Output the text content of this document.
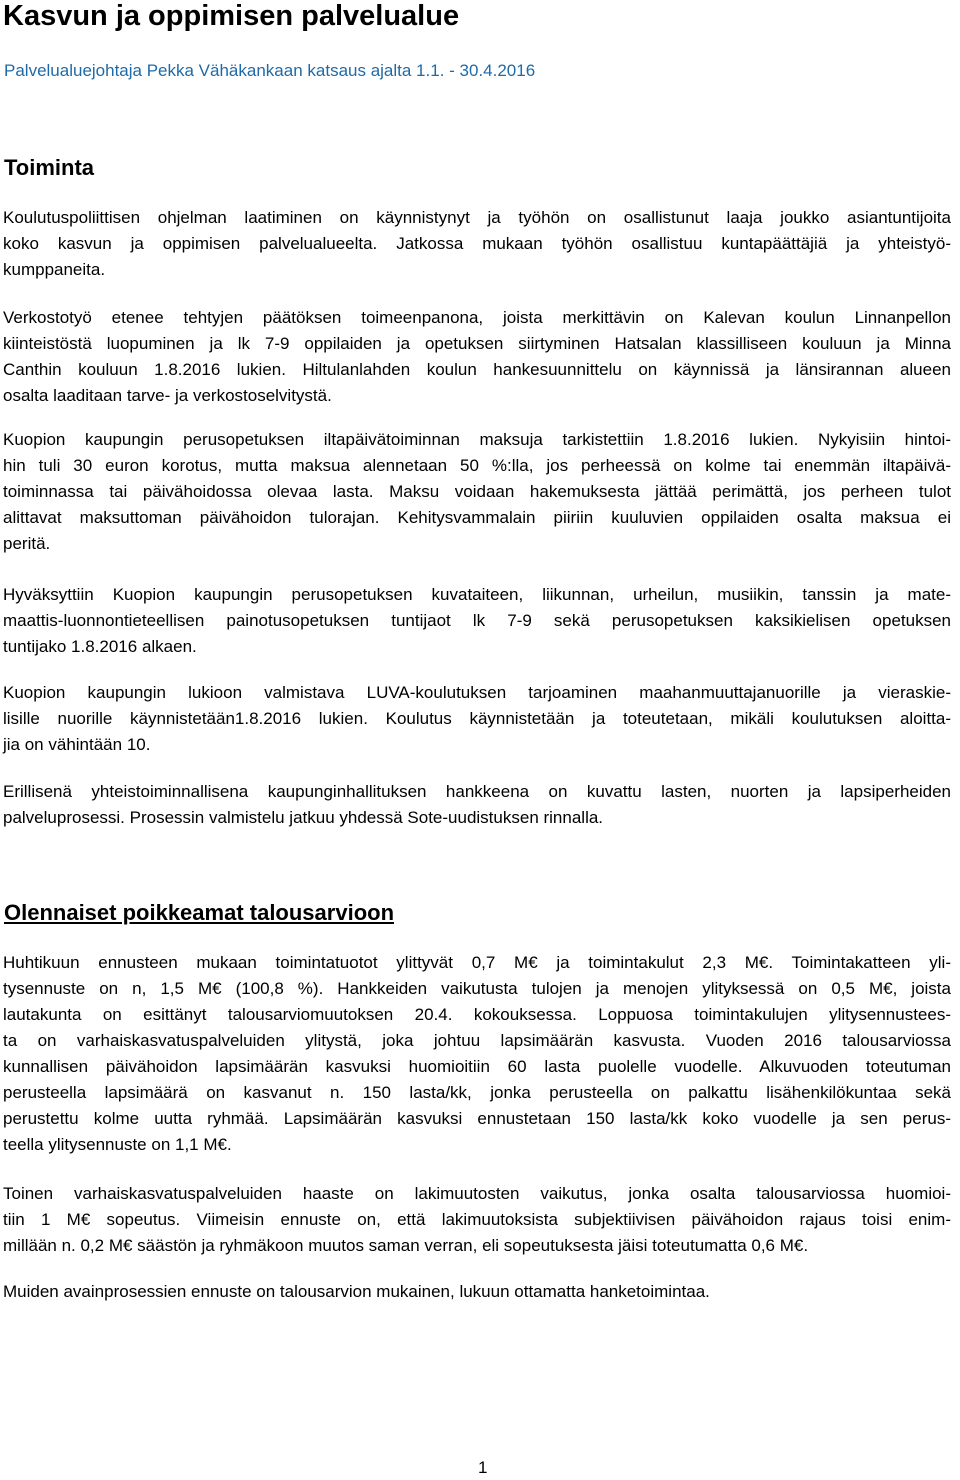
Kasvun ja oppimisen palvelualue
Palvelualuejohtaja Pekka Vähäkankaan katsaus ajalta 1.1. - 30.4.2016
Toiminta
Koulutuspoliittisen ohjelman laatiminen on käynnistynyt ja työhön on osallistunut laaja joukko asiantuntijoita
koko kasvun ja oppimisen palvelualueelta. Jatkossa mukaan työhön osallistuu kuntapäättäjiä ja yhteistyö-
kumppaneita.
Verkostotyö etenee tehtyjen päätöksen toimeenpanona, joista merkittävin on Kalevan koulun Linnanpellon
kiinteistöstä luopuminen ja lk 7-9 oppilaiden ja opetuksen siirtyminen Hatsalan klassilliseen kouluun ja Minna
Canthin kouluun 1.8.2016 lukien. Hiltulanlahden koulun hankesuunnittelu on käynnissä ja länsirannan alueen
osalta laaditaan tarve- ja verkostoselvitystä.
Kuopion kaupungin perusopetuksen iltapäivätoiminnan maksuja tarkistettiin 1.8.2016 lukien. Nykyisiin hintoi-
hin tuli 30 euron korotus, mutta maksua alennetaan 50 %:lla, jos perheessä on kolme tai enemmän iltapäivä-
toiminnassa tai päivähoidossa olevaa lasta. Maksu voidaan hakemuksesta jättää perimättä, jos perheen tulot
alittavat maksuttoman päivähoidon tulorajan. Kehitysvammalain piiriin kuuluvien oppilaiden osalta maksua ei
peritä.
Hyväksyttiin Kuopion kaupungin perusopetuksen kuvataiteen, liikunnan, urheilun, musiikin, tanssin ja mate-
maattis-luonnontieteellisen painotusopetuksen tuntijaot lk 7-9 sekä perusopetuksen kaksikielisen opetuksen
tuntijako 1.8.2016 alkaen.
Kuopion kaupungin lukioon valmistava LUVA-koulutuksen tarjoaminen maahanmuuttajanuorille ja vieraskie-
lisille nuorille käynnistetään1.8.2016 lukien. Koulutus käynnistetään ja toteutetaan, mikäli koulutuksen aloitta-
jia on vähintään 10.
Erillisenä yhteistoiminnallisena kaupunginhallituksen hankkeena on kuvattu lasten, nuorten ja lapsiperheiden
palveluprosessi. Prosessin valmistelu jatkuu yhdessä Sote-uudistuksen rinnalla.
Olennaiset poikkeamat talousarvioon
Huhtikuun ennusteen mukaan toimintatuotot ylittyvät 0,7 M€ ja toimintakulut 2,3 M€. Toimintakatteen yli-
tysennuste on n, 1,5 M€ (100,8 %). Hankkeiden vaikutusta tulojen ja menojen ylityksessä on 0,5 M€, joista
lautakunta on esittänyt talousarviomuutoksen 20.4. kokouksessa. Loppuosa toimintakulujen ylitysennustees-
ta on varhaiskasvatuspalveluiden ylitystä, joka johtuu lapsimäärän kasvusta. Vuoden 2016 talousarviossa
kunnallisen päivähoidon lapsimäärän kasvuksi huomioitiin 60 lasta puolelle vuodelle. Alkuvuoden toteutuman
perusteella lapsimäärä on kasvanut n. 150 lasta/kk, jonka perusteella on palkattu lisähenkilökuntaa sekä
perustettu kolme uutta ryhmää. Lapsimäärän kasvuksi ennustetaan 150 lasta/kk koko vuodelle ja sen perus-
teella ylitysennuste on 1,1 M€.
Toinen varhaiskasvatuspalveluiden haaste on lakimuutosten vaikutus, jonka osalta talousarviossa huomioi-
tiin 1 M€ sopeutus. Viimeisin ennuste on, että lakimuutoksista subjektiivisen päivähoidon rajaus toisi enim-
millään n. 0,2 M€ säästön ja ryhmäkoon muutos saman verran, eli sopeutuksesta jäisi toteutumatta 0,6 M€.
Muiden avainprosessien ennuste on talousarvion mukainen, lukuun ottamatta hanketoimintaa.
1
